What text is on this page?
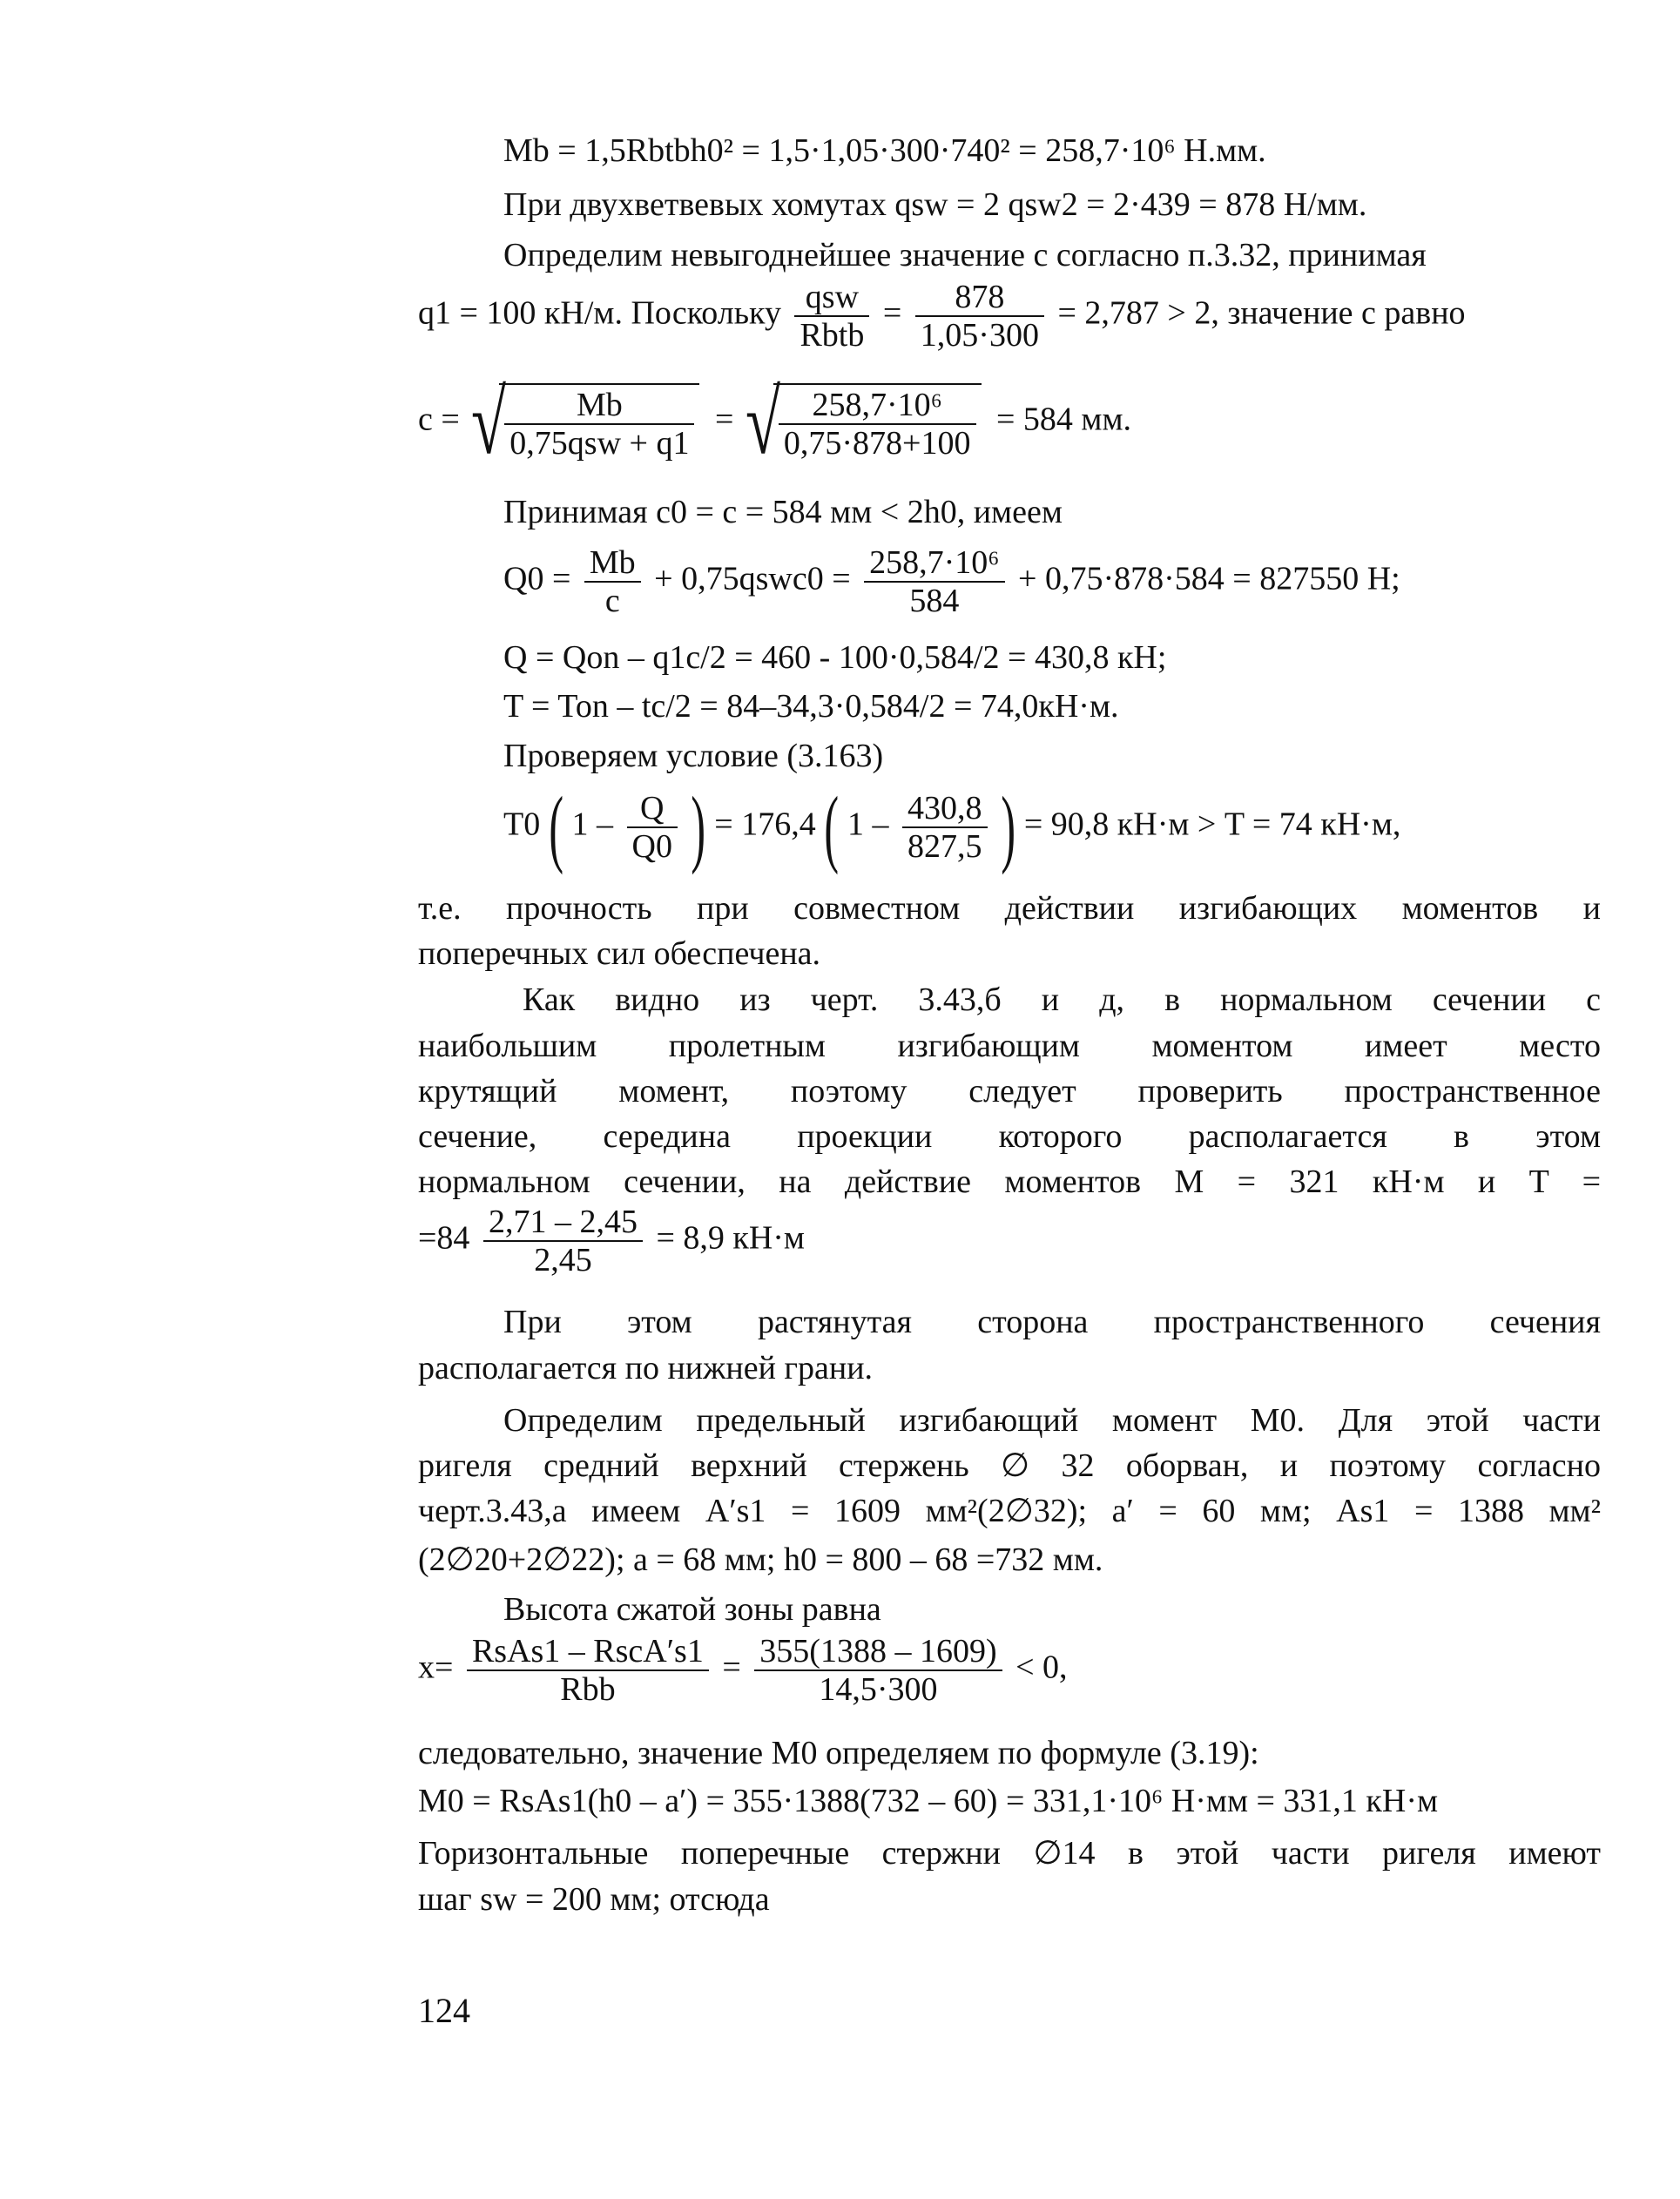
Mb = 1,5Rbtbh0² = 1,5·1,05·300·740² = 258,7·10⁶ Н.мм.
При двухветвевых хомутах qsw = 2 qsw2 = 2·439 = 878 Н/мм.
Определим невыгоднейшее значение c согласно п.3.32, принимая
q1 = 100 кН/м. Поскольку $\frac{\text{qsw}}{\text{Rbtb}} = \frac{878}{1,05\cdot 300} = 2,787 > 2$, значение c равно
c = √ $\frac{Mb}{\text{0,75qsw + q1}}$ = √ $\frac{\text{258,7·10⁶}}{0,75\cdot 878+100} = 584$ мм.
Принимая c0 = c = 584 мм < 2h0, имеем
$Q0 = \frac{Mb}{c}$ + 0,75qswc0 = $\frac{\text{258,7·10⁶}}{584} + 0,75\cdot 878\cdot 584 = 827550$ Н;
Q = Qon – q1c/2 = 460 - 100·0,584/2 = 430,8 кН;
T = Ton – tc/2 = 84–34,3·0,584/2 = 74,0кН·м.
Проверяем условие (3.163)
T0 ( $1 - \frac{Q}{Q0}$ ) = 176,4 ( $1 - \frac{430,8}{827,5}$ ) = 90,8 кН·м > T = 74 кН·м,
т.е. прочность при совместном действии изгибающих моментов и
поперечных сил обеспечена.
Как видно из черт. 3.43,б и д, в нормальном сечении с
наибольшим пролетным изгибающим моментом имеет место
крутящий момент, поэтому следует проверить пространственное
сечение, середина проекции которого располагается в этом
нормальном сечении, на действие моментов M = 321 кН·м и T =
$=84 \frac{2,71 - 2,45}{2,45} = 8,9$ кН·м
При этом растянутая сторона пространственного сечения
располагается по нижней грани.
Определим предельный изгибающий момент M0. Для этой части
ригеля средний верхний стержень ∅ 32 оборван, и поэтому согласно
черт.3.43,а имеем A′s1 = 1609 мм²(2∅32); a′ = 60 мм; As1 = 1388 мм²
(2∅20+2∅22); a = 68 мм; h0 = 800 – 68 =732 мм.
Высота сжатой зоны равна
$x= \frac{\text{RsAs1 – RscA′s1}}{\text{Rbb}} = \frac{355(1388 - 1609)}{14,5\cdot 300} < 0$,
следовательно, значение M0 определяем по формуле (3.19):
M0 = RsAs1(h0 – a′) = 355·1388(732 – 60) = 331,1·10⁶ Н·мм = 331,1 кН·м
Горизонтальные поперечные стержни ∅14 в этой части ригеля имеют
шаг sw = 200 мм; отсюда
124
